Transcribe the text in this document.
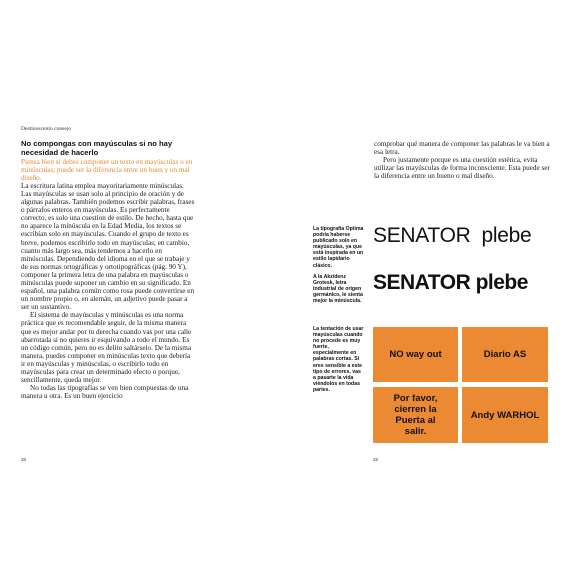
Destinoscento consejo
No compongas con mayúsculas si no hay necesidad de hacerlo

Piensa bien si debes componer un texto en mayúsculas o en minúsculas, puede ser la diferencia entre un buen y un mal diseño.

La escritura latina emplea mayoritariamente minúsculas. Las mayúsculas se usan solo al principio de oración y de algunas palabras. También podemos escribir palabras, frases o párrafos enteros en mayúsculas. Es perfectamente correcto, es solo una cuestion de estilo. De hecho, hasta que no aparece la minúscula en la Edad Media, los textos se escribían solo en mayúsculas. Cuando el grupo de texto es breve, podemos escribirlo todo en mayúsculas; en cambio, cuanto más largo sea, más tendemos a hacerlo en minúsculas. Dependiendo del idioma en el que se trabaje y de sus normas ortográficas y ortotipográficas (pág. 90 Y), componer la primera letra de una palabra en mayúsculas o minúsculas puede suponer un cambio en su significado. En español, una palabra común como rosa puede convertirse en un nombre propio o, en alemán, un adjetivo puede pasar a ser un sustantivo.

El sistema de mayúsculas y minúsculas es una norma práctica que es recomendable seguir, de la misma manera que es mejor andar por tu derecha cuando vas por una calle abarrotada si no quieres ir esquivando a todo el mundo. Es un código común, pero no es delito saltárselo. De la misma manera, puedes componer en minúsculas texto que debería ir en mayúsculas y minúsculas, o escribirlo todo en mayúsculas para crear un determinado efecto o porque, sencillamente, queda mejor.

No todas las tipografías se ven bien compuestas de una manera u otra. Es un buen ejercicio

38
La tipografía Optima podría haberse publicado solo en mayúsculas, ya que está inspirada en un estilo lapidario clásico.
A la Akzidenz Grotesk, letra industrial de origen germánico, le sienta mejor la minúscula.
La tentación de usar mayúsculas cuando no procede es muy fuerte, especialmente en palabras cortas. Si eres sensible a este tipo de errores, vas a pasarte la vida viéndolos en todas partes.

comprobar qué manera de componer las palabras le va bien a esa letra.

Pero justamente porque es una cuestión estética, evita utilizar las mayúsculas de forma inconsciente. Esta puede ser la diferencia entre un bueno o mal diseño.

SENATOR  plebe
SENATOR plebe
NO way out	Diario AS
Por favor, cierren la Puerta al salir.
Andy WARHOL
39
